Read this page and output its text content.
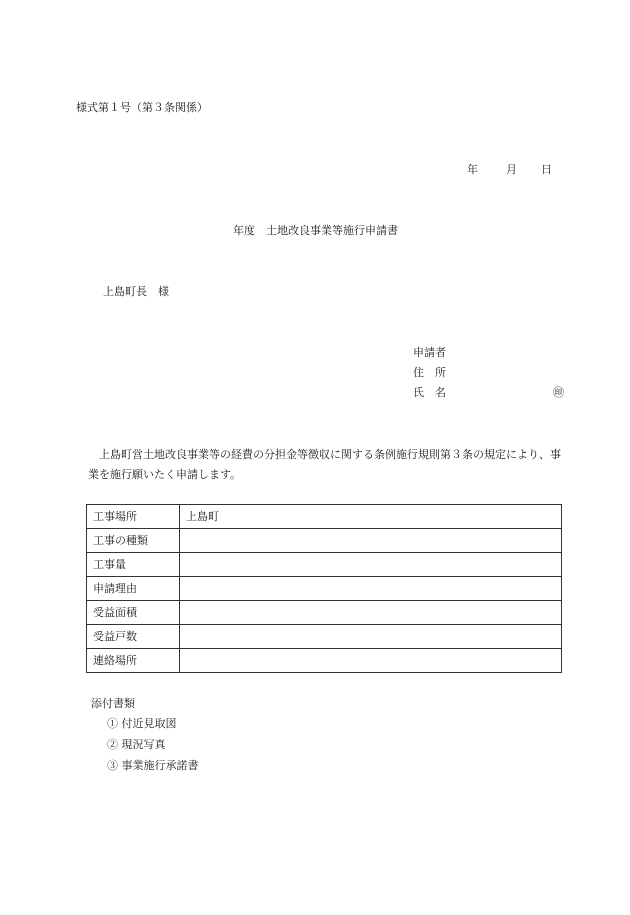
様式第１号（第３条関係）
年	月 日
年度　土地改良事業等施行申請書
上島町長　様
申請者
住　所
氏　名	㊞
　上島町営土地改良事業等の経費の分担金等徴収に関する条例施行規則第３条の規定により、事業を施行願いたく申請します。
工事場所	上島町
工事の種類	
工事量	
申請理由	
受益面積	
受益戸数	
連絡場所	
添付書類
① 付近見取図
② 現況写真
③ 事業施行承諾書
